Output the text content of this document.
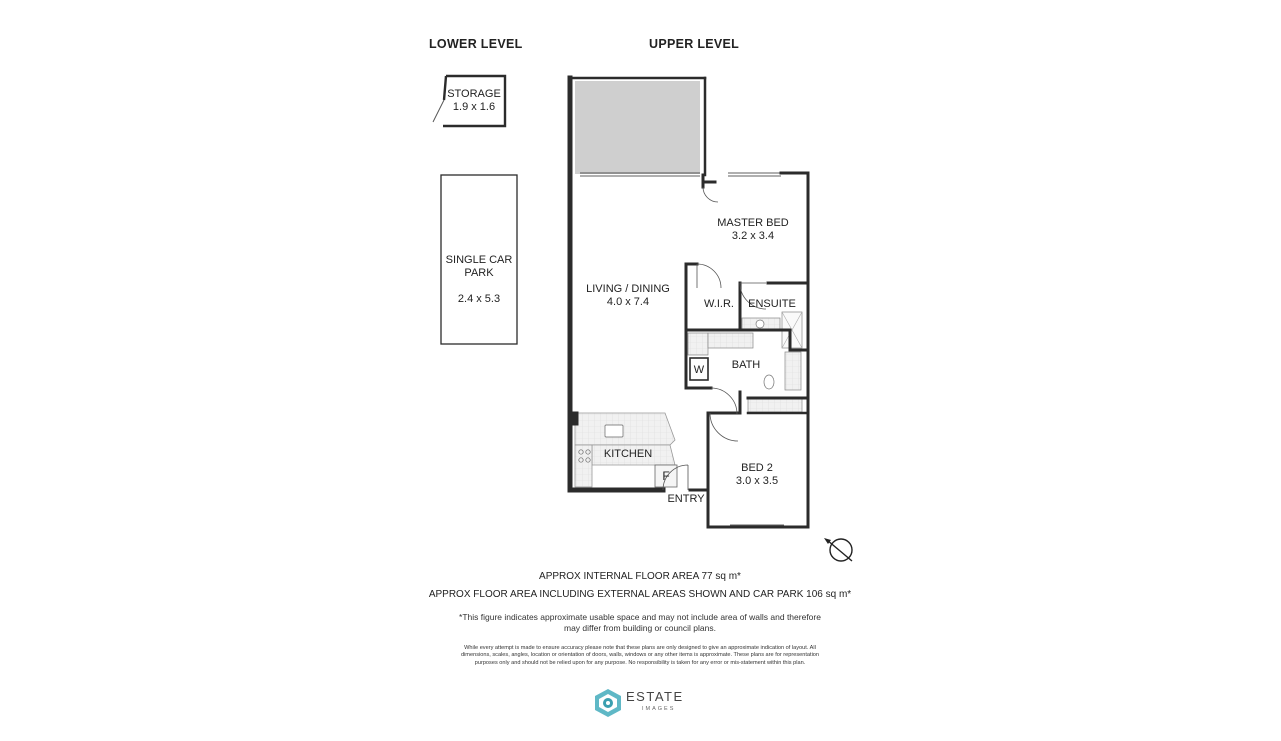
LOWER LEVEL	UPPER LEVEL
STORAGE
1.9 x 1.6

SINGLE CAR
PARK

2.4 x 5.3

LIVING / DINING
4.0 x 7.4
MASTER BED
3.2 x 3.4
W.I.R. ENSUITE
BATH
W
KITCHEN
F
BED 2
3.0 x 3.5
ENTRY
APPROX INTERNAL FLOOR AREA 77 sq m*
APPROX FLOOR AREA INCLUDING EXTERNAL AREAS SHOWN AND CAR PARK 106 sq m*
*This figure indicates approximate usable space and may not include area of walls and therefore may differ from building or council plans.
While every attempt is made to ensure accuracy please note that these plans are only designed to give an approximate indication of layout. All dimensions, scales, angles, location or orientation of doors, walls, windows or any other items is approximate. These plans are for representation purposes only and should not be relied upon for any purpose. No responsibility is taken for any error or mis-statement within this plan.
ESTATE
IMAGES
